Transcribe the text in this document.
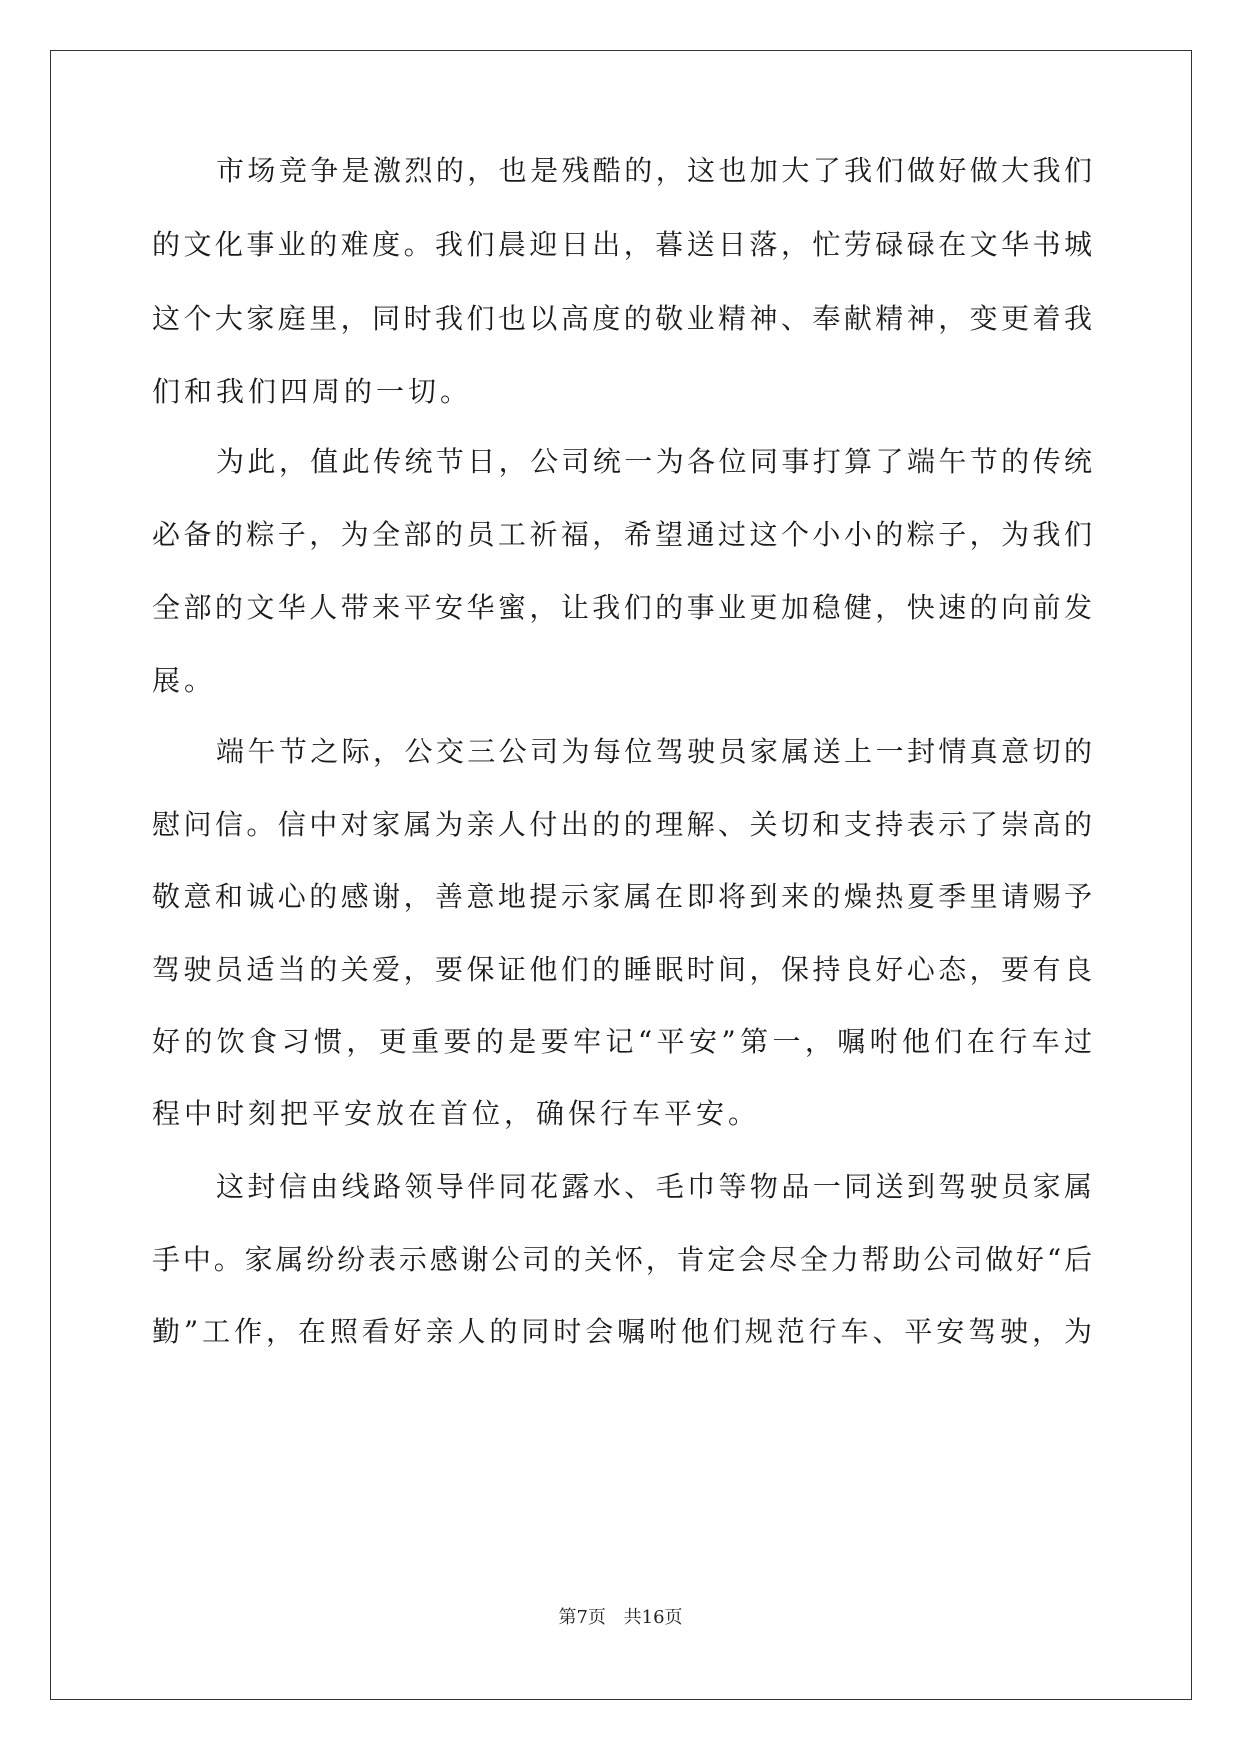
市场竞争是激烈的，也是残酷的，这也加大了我们做好做大我们
的文化事业的难度。我们晨迎日出，暮送日落，忙劳碌碌在文华书城
这个大家庭里，同时我们也以高度的敬业精神、奉献精神，变更着我
们和我们四周的一切。
为此，值此传统节日，公司统一为各位同事打算了端午节的传统
必备的粽子，为全部的员工祈福，希望通过这个小小的粽子，为我们
全部的文华人带来平安华蜜，让我们的事业更加稳健，快速的向前发
展。
端午节之际，公交三公司为每位驾驶员家属送上一封情真意切的
慰问信。信中对家属为亲人付出的的理解、关切和支持表示了崇高的
敬意和诚心的感谢，善意地提示家属在即将到来的燥热夏季里请赐予
驾驶员适当的关爱，要保证他们的睡眠时间，保持良好心态，要有良
好的饮食习惯，更重要的是要牢记“平安”第一，嘱咐他们在行车过
程中时刻把平安放在首位，确保行车平安。
这封信由线路领导伴同花露水、毛巾等物品一同送到驾驶员家属
手中。家属纷纷表示感谢公司的关怀，肯定会尽全力帮助公司做好“后
勤”工作，在照看好亲人的同时会嘱咐他们规范行车、平安驾驶，为
第7页 共16页
